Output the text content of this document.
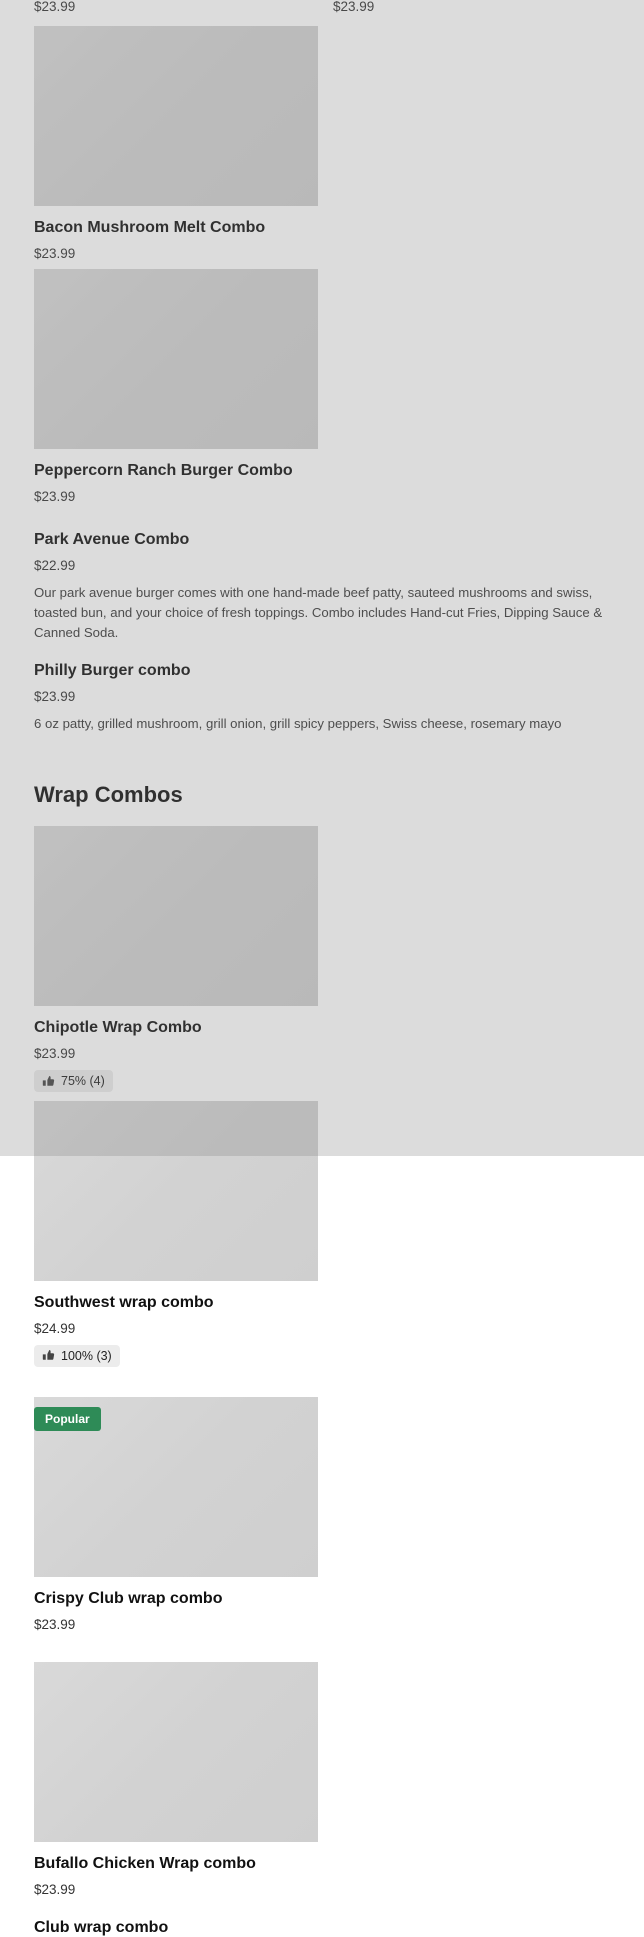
$23.99	$23.99
Bacon Mushroom Melt Combo
$23.99
Peppercorn Ranch Burger Combo
$23.99
Park Avenue Combo
$22.99
Our park avenue burger comes with one hand-made beef patty, sauteed mushrooms and swiss, toasted bun, and your choice of fresh toppings. Combo includes Hand-cut Fries, Dipping Sauce & Canned Soda.
Philly Burger combo
$23.99
6 oz patty, grilled mushroom, grill onion, grill spicy peppers, Swiss cheese, rosemary mayo
Wrap Combos
Chipotle Wrap Combo
$23.99
75% (4)
Southwest wrap combo
$24.99
100% (3)
Popular
Crispy Club wrap combo
$23.99
Bufallo Chicken Wrap combo
$23.99
Club wrap combo
